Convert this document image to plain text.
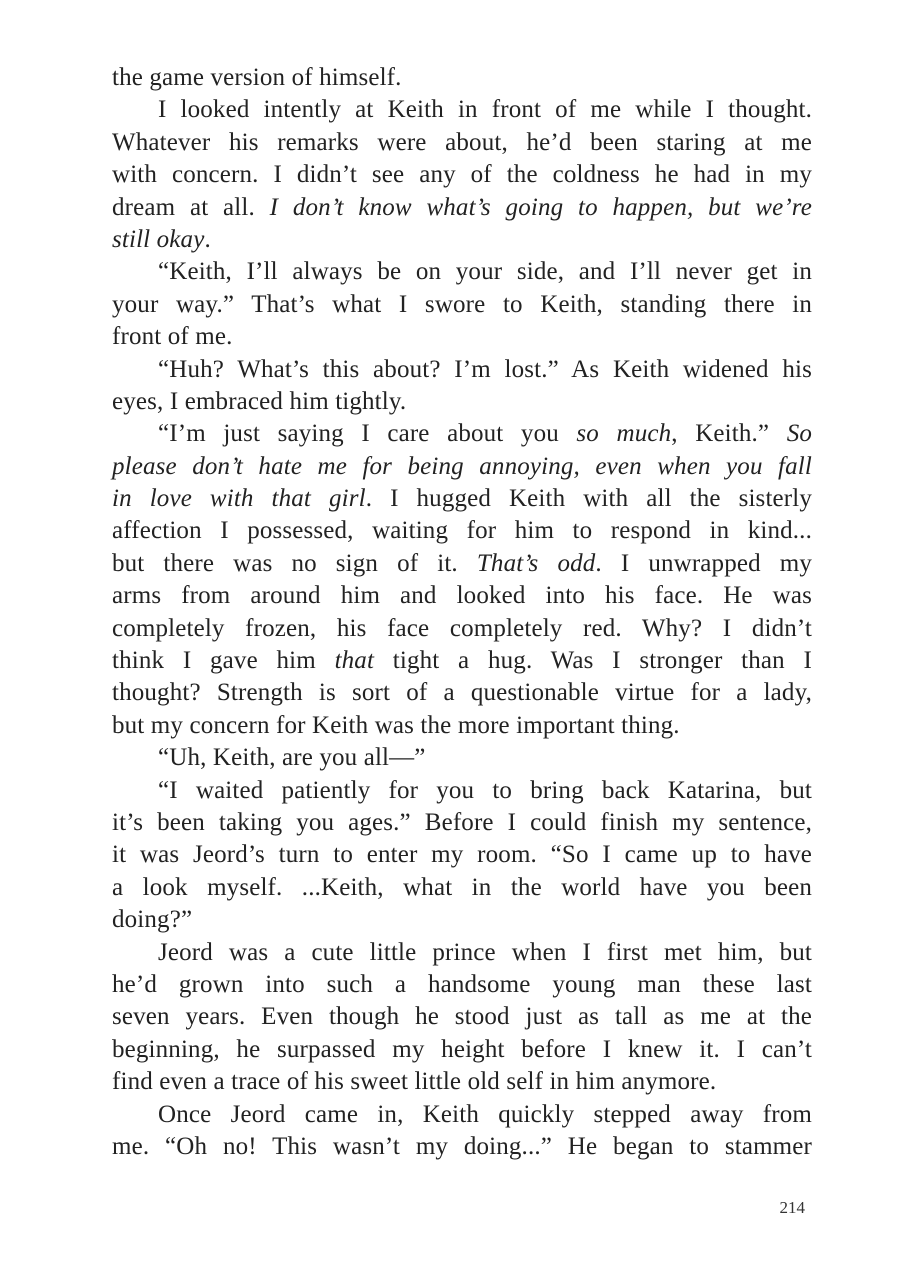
the game version of himself.
I looked intently at Keith in front of me while I thought.
Whatever his remarks were about, he’d been staring at me
with concern. I didn’t see any of the coldness he had in my
dream at all. I don’t know what’s going to happen, but we’re
still okay.
“Keith, I’ll always be on your side, and I’ll never get in
your way.” That’s what I swore to Keith, standing there in
front of me.
“Huh? What’s this about? I’m lost.” As Keith widened his
eyes, I embraced him tightly.
“I’m just saying I care about you so much, Keith.” So
please don’t hate me for being annoying, even when you fall
in love with that girl. I hugged Keith with all the sisterly
affection I possessed, waiting for him to respond in kind...
but there was no sign of it. That’s odd. I unwrapped my
arms from around him and looked into his face. He was
completely frozen, his face completely red. Why? I didn’t
think I gave him that tight a hug. Was I stronger than I
thought? Strength is sort of a questionable virtue for a lady,
but my concern for Keith was the more important thing.
“Uh, Keith, are you all—”
“I waited patiently for you to bring back Katarina, but
it’s been taking you ages.” Before I could finish my sentence,
it was Jeord’s turn to enter my room. “So I came up to have
a look myself. ...Keith, what in the world have you been
doing?”
Jeord was a cute little prince when I first met him, but
he’d grown into such a handsome young man these last
seven years. Even though he stood just as tall as me at the
beginning, he surpassed my height before I knew it. I can’t
find even a trace of his sweet little old self in him anymore.
Once Jeord came in, Keith quickly stepped away from
me. “Oh no! This wasn’t my doing...” He began to stammer
214
